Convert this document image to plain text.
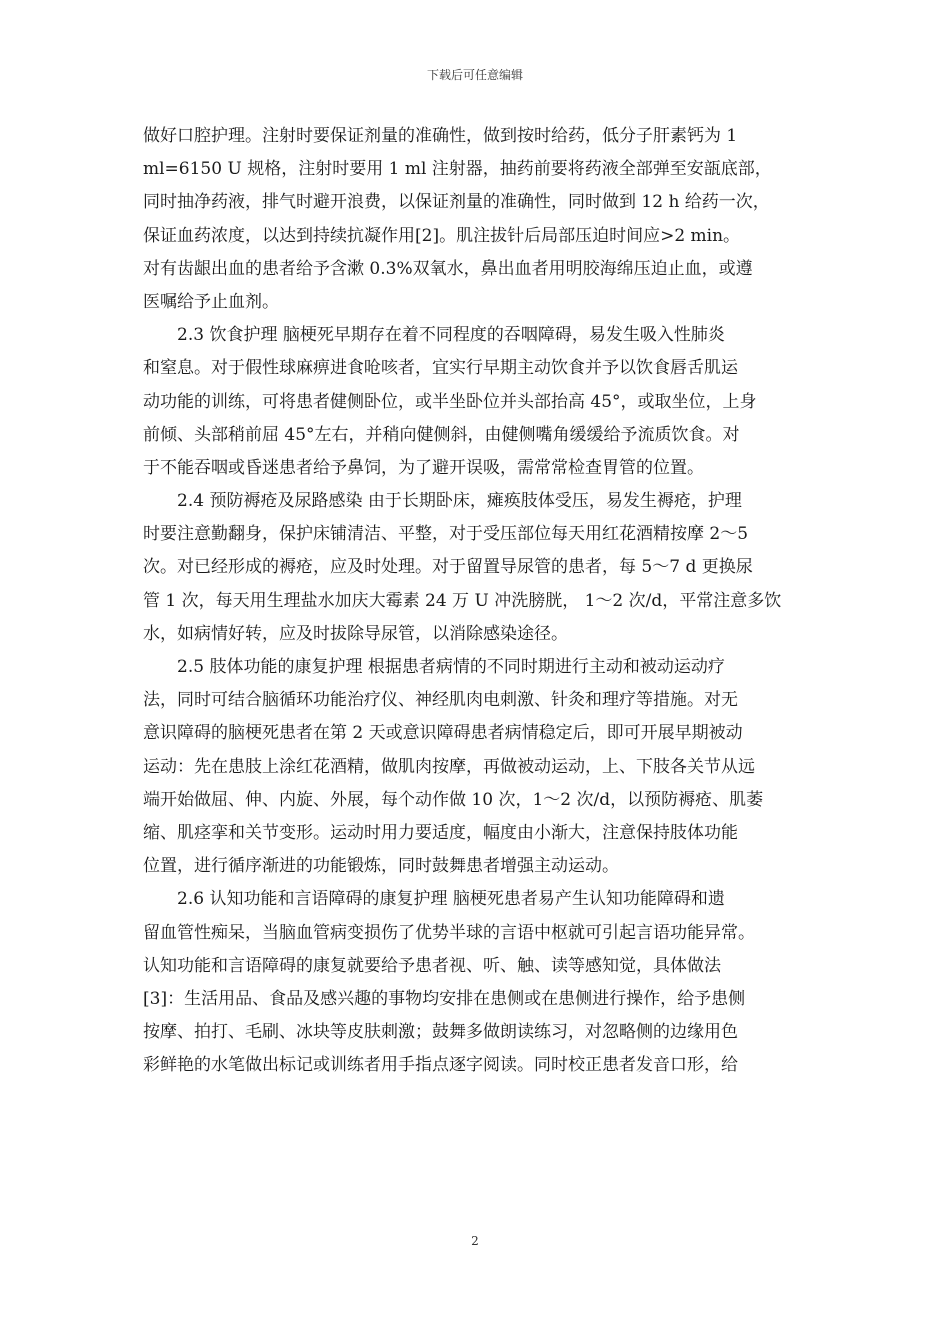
下载后可任意编辑
做好口腔护理。注射时要保证剂量的准确性，做到按时给药，低分子肝素钙为 1
ml=6150 U 规格，注射时要用 1 ml 注射器，抽药前要将药液全部弹至安瓿底部，
同时抽净药液，排气时避开浪费，以保证剂量的准确性，同时做到 12 h 给药一次，
保证血药浓度，以达到持续抗凝作用[2]。肌注拔针后局部压迫时间应>2 min。
对有齿龈出血的患者给予含漱 0.3%双氧水，鼻出血者用明胶海绵压迫止血，或遵
医嘱给予止血剂。
2.3 饮食护理 脑梗死早期存在着不同程度的吞咽障碍，易发生吸入性肺炎
和窒息。对于假性球麻痹进食呛咳者，宜实行早期主动饮食并予以饮食唇舌肌运
动功能的训练，可将患者健侧卧位，或半坐卧位并头部抬高 45°，或取坐位，上身
前倾、头部稍前屈 45°左右，并稍向健侧斜，由健侧嘴角缓缓给予流质饮食。对
于不能吞咽或昏迷患者给予鼻饲，为了避开误吸，需常常检查胃管的位置。
2.4 预防褥疮及尿路感染 由于长期卧床，瘫痪肢体受压，易发生褥疮，护理
时要注意勤翻身，保护床铺清洁、平整，对于受压部位每天用红花酒精按摩 2～5
次。对已经形成的褥疮，应及时处理。对于留置导尿管的患者，每 5～7 d 更换尿
管 1 次，每天用生理盐水加庆大霉素 24 万 U 冲洗膀胱， 1～2 次/d，平常注意多饮
水，如病情好转，应及时拔除导尿管，以消除感染途径。
2.5 肢体功能的康复护理 根据患者病情的不同时期进行主动和被动运动疗
法，同时可结合脑循环功能治疗仪、神经肌肉电刺激、针灸和理疗等措施。对无
意识障碍的脑梗死患者在第 2 天或意识障碍患者病情稳定后，即可开展早期被动
运动：先在患肢上涂红花酒精，做肌肉按摩，再做被动运动，上、下肢各关节从远
端开始做屈、伸、内旋、外展，每个动作做 10 次，1～2 次/d，以预防褥疮、肌萎
缩、肌痉挛和关节变形。运动时用力要适度，幅度由小渐大，注意保持肢体功能
位置，进行循序渐进的功能锻炼，同时鼓舞患者增强主动运动。
2.6 认知功能和言语障碍的康复护理 脑梗死患者易产生认知功能障碍和遗
留血管性痴呆，当脑血管病变损伤了优势半球的言语中枢就可引起言语功能异常。
认知功能和言语障碍的康复就要给予患者视、听、触、读等感知觉，具体做法
[3]：生活用品、食品及感兴趣的事物均安排在患侧或在患侧进行操作，给予患侧
按摩、拍打、毛刷、冰块等皮肤刺激；鼓舞多做朗读练习，对忽略侧的边缘用色
彩鲜艳的水笔做出标记或训练者用手指点逐字阅读。同时校正患者发音口形，给
2
